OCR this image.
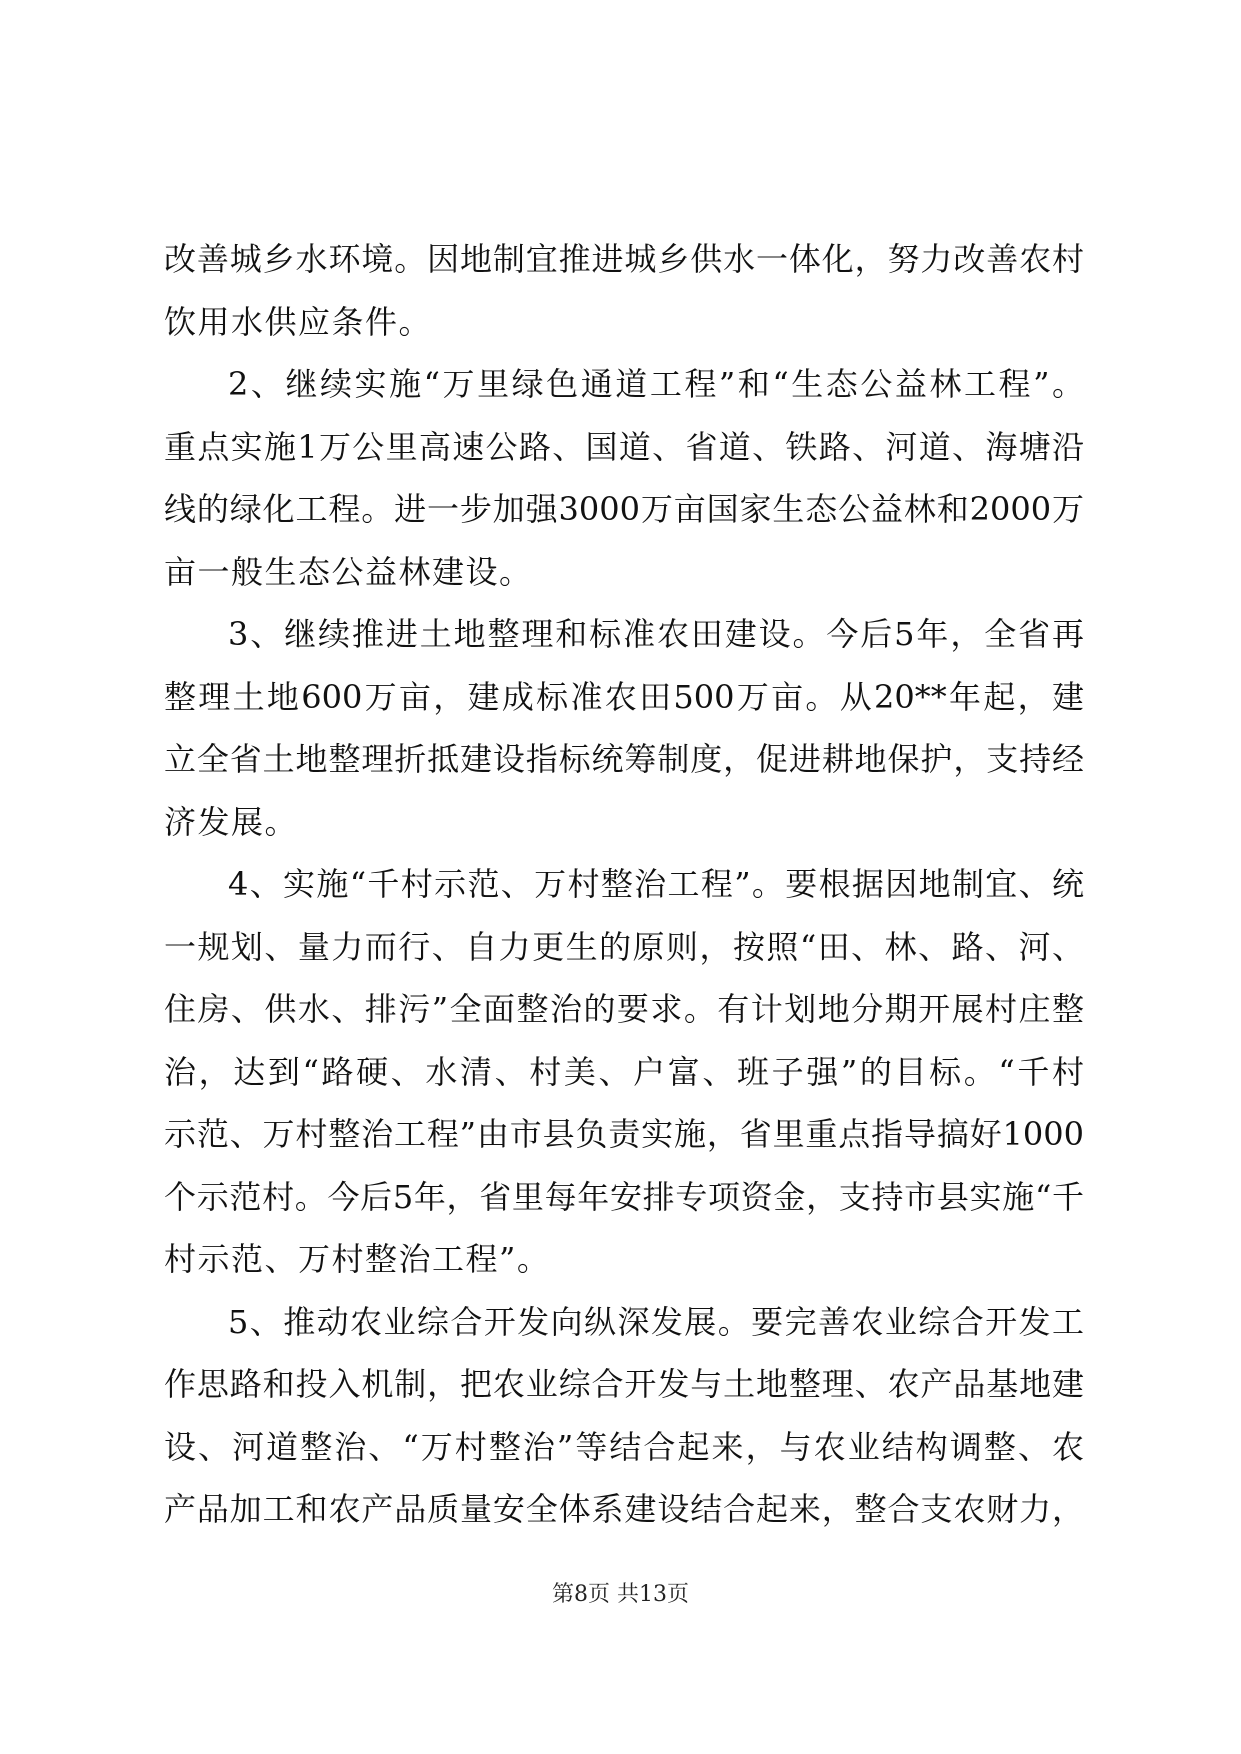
改善城乡水环境。因地制宜推进城乡供水一体化，努力改善农村
饮用水供应条件。
2、继续实施“万里绿色通道工程”和“生态公益林工程”。
重点实施1万公里高速公路、国道、省道、铁路、河道、海塘沿
线的绿化工程。进一步加强3000万亩国家生态公益林和2000万
亩一般生态公益林建设。
3、继续推进土地整理和标准农田建设。今后5年，全省再
整理土地600万亩，建成标准农田500万亩。从20**年起，建
立全省土地整理折抵建设指标统筹制度，促进耕地保护，支持经
济发展。
4、实施“千村示范、万村整治工程”。要根据因地制宜、统
一规划、量力而行、自力更生的原则，按照“田、林、路、河、
住房、供水、排污”全面整治的要求。有计划地分期开展村庄整
治，达到“路硬、水清、村美、户富、班子强”的目标。“千村
示范、万村整治工程”由市县负责实施，省里重点指导搞好1000
个示范村。今后5年，省里每年安排专项资金，支持市县实施“千
村示范、万村整治工程”。
5、推动农业综合开发向纵深发展。要完善农业综合开发工
作思路和投入机制，把农业综合开发与土地整理、农产品基地建
设、河道整治、“万村整治”等结合起来，与农业结构调整、农
产品加工和农产品质量安全体系建设结合起来，整合支农财力，
第8页 共13页
